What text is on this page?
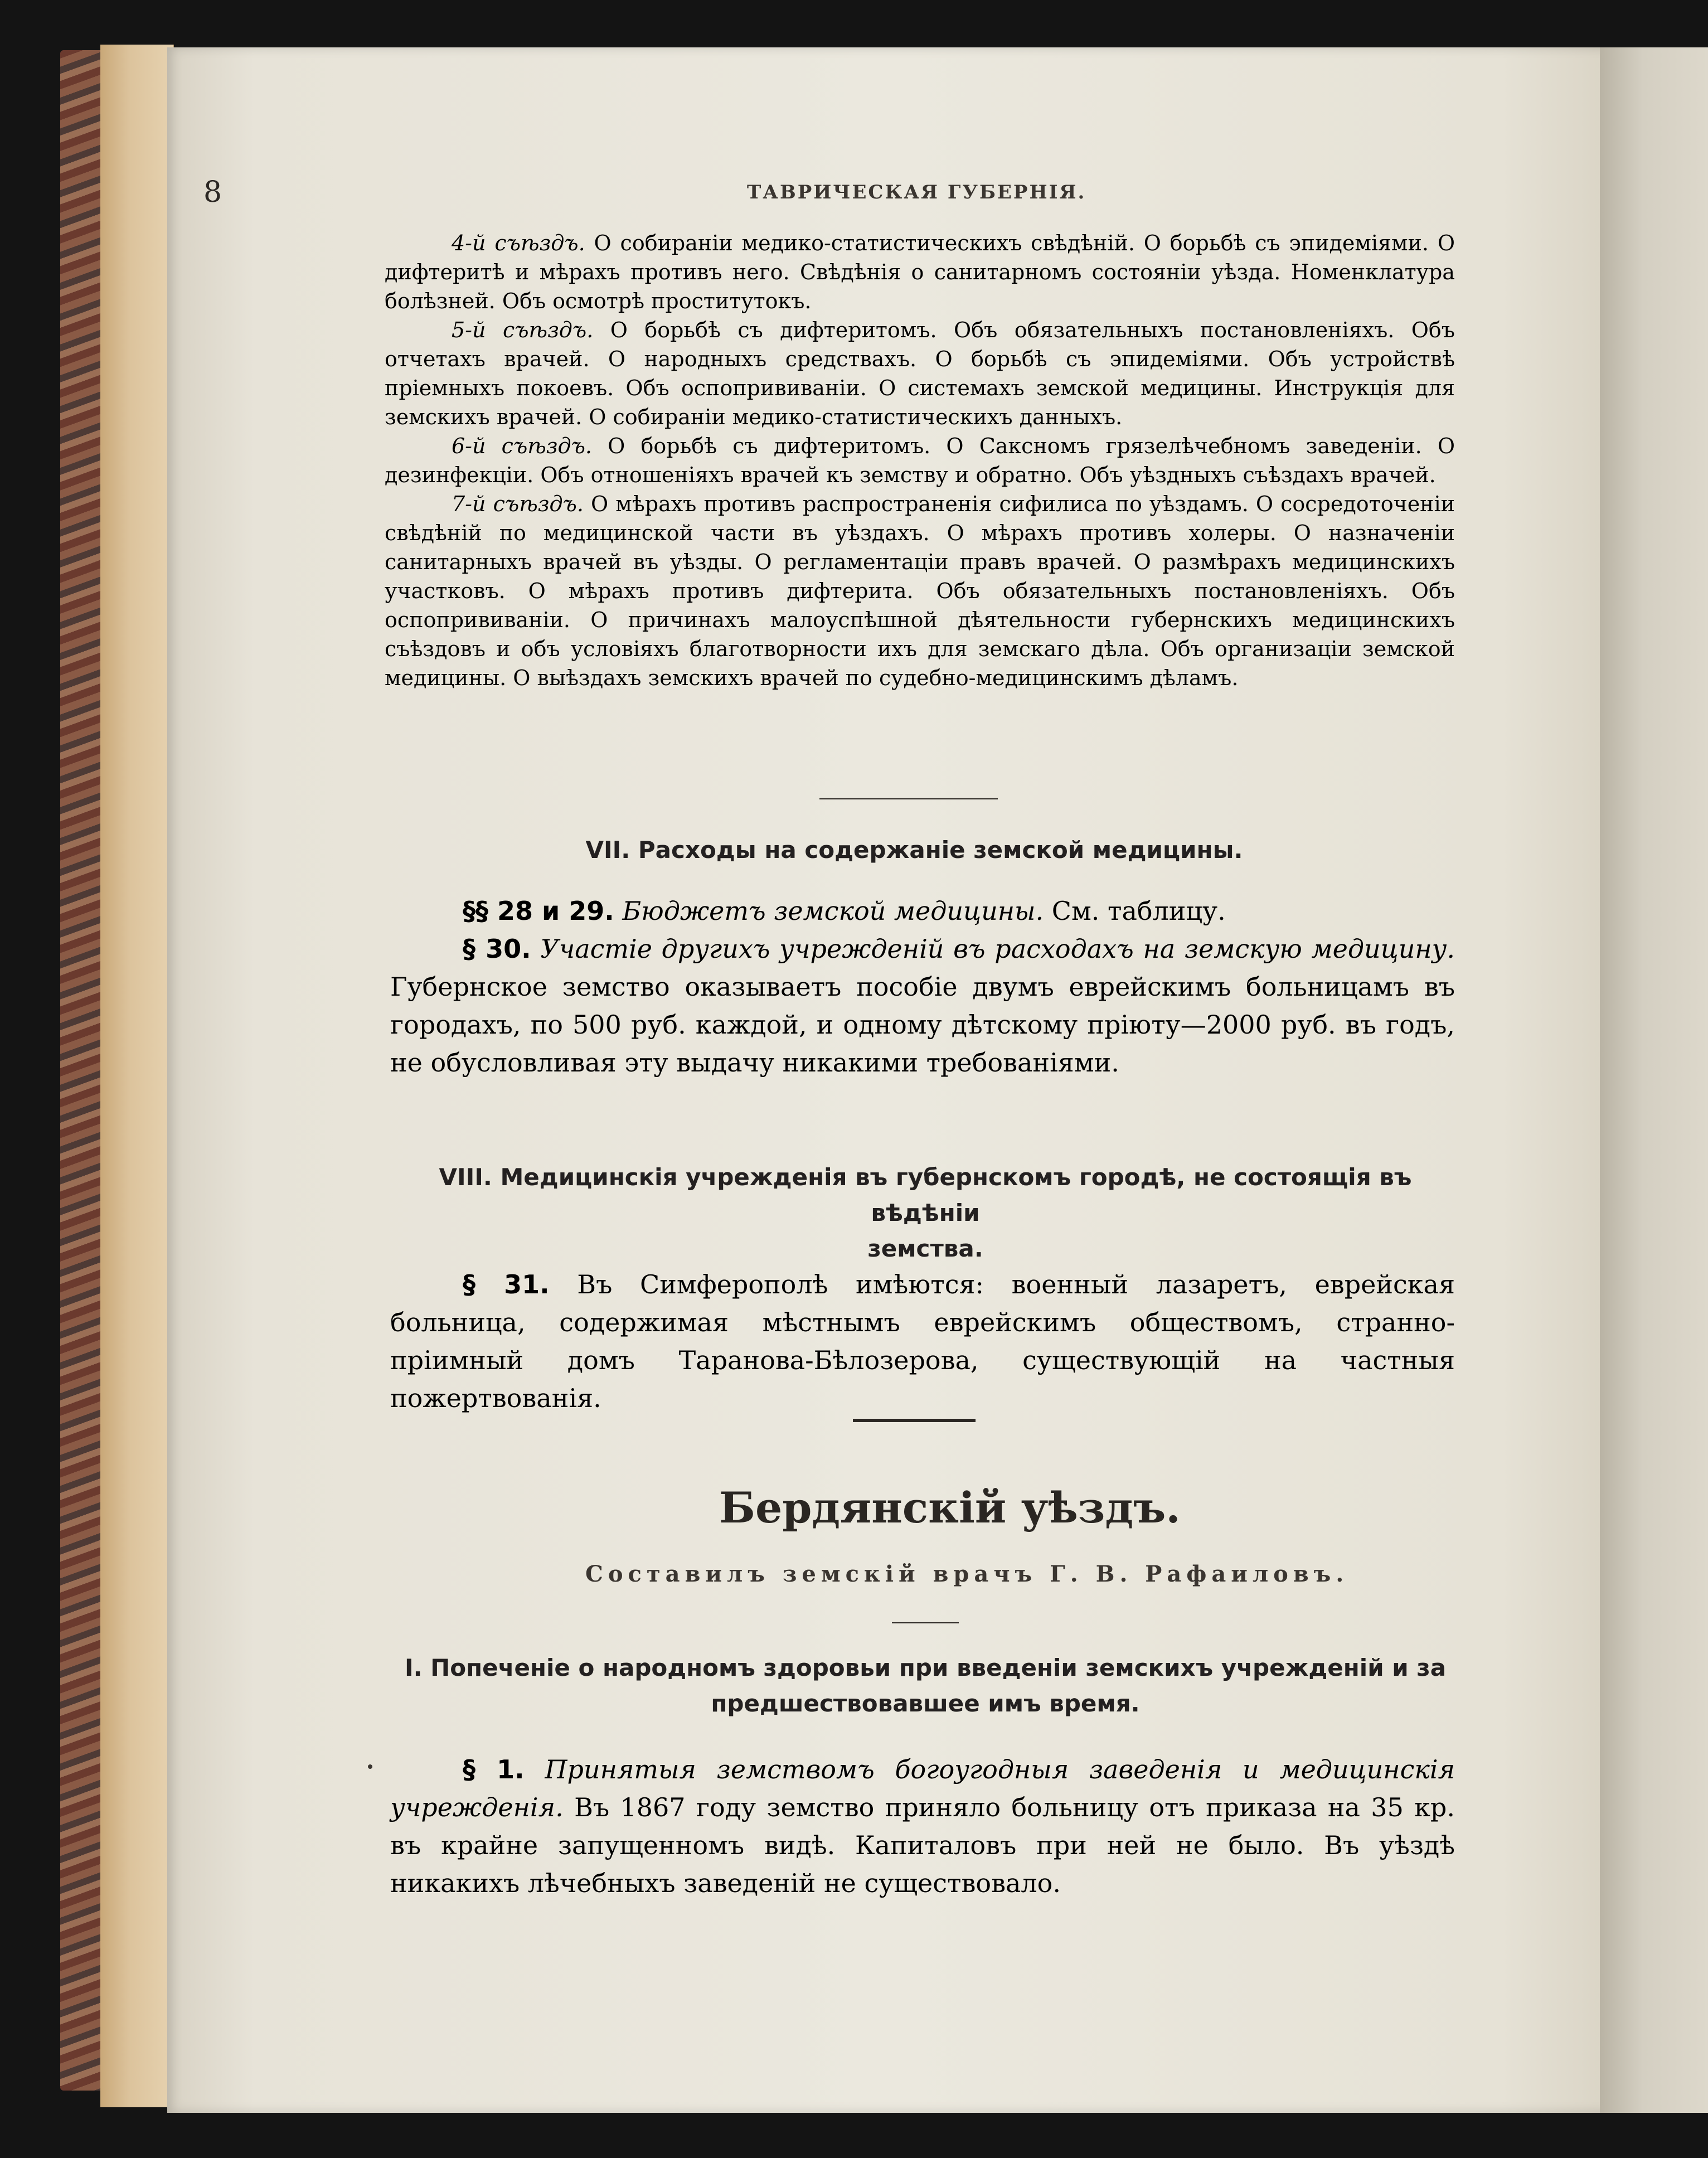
8	ТАВРИЧЕСКАЯ ГУБЕРНІЯ.

4-й съѣздъ. О собираніи медико-статистическихъ свѣдѣній. О борьбѣ съ эпидеміями. О дифтеритѣ и мѣрахъ противъ него. Свѣдѣнія о санитарномъ состояніи уѣзда. Номенклатура болѣзней. Объ осмотрѣ проститутокъ.

5-й съѣздъ. О борьбѣ съ дифтеритомъ. Объ обязательныхъ постановленіяхъ. Объ отчетахъ врачей. О народныхъ средствахъ. О борьбѣ съ эпидеміями. Объ устройствѣ пріемныхъ покоевъ. Объ оспопрививаніи. О системахъ земской медицины. Инструкція для земскихъ врачей. О собираніи медико-статистическихъ данныхъ.

6-й съѣздъ. О борьбѣ съ дифтеритомъ. О Саксномъ грязелѣчебномъ заведеніи. О дезинфекціи. Объ отношеніяхъ врачей къ земству и обратно. Объ уѣздныхъ съѣздахъ врачей.

7-й съѣздъ. О мѣрахъ противъ распространенія сифилиса по уѣздамъ. О сосредоточеніи свѣдѣній по медицинской части въ уѣздахъ. О мѣрахъ противъ холеры. О назначеніи санитарныхъ врачей въ уѣзды. О регламентаціи правъ врачей. О размѣрахъ медицинскихъ участковъ. О мѣрахъ противъ дифтерита. Объ обязательныхъ постановленіяхъ. Объ оспопрививаніи. О причинахъ малоуспѣшной дѣятельности губернскихъ медицинскихъ съѣздовъ и объ условіяхъ благотворности ихъ для земскаго дѣла. Объ организаціи земской медицины. О выѣздахъ земскихъ врачей по судебно-медицинскимъ дѣламъ.

VII. Расходы на содержаніе земской медицины.

§§ 28 и 29. Бюджетъ земской медицины. См. таблицу.

§ 30. Участіе другихъ учрежденій въ расходахъ на земскую медицину. Губернское земство оказываетъ пособіе двумъ еврейскимъ больницамъ въ городахъ, по 500 руб. каждой, и одному дѣтскому пріюту—2000 руб. въ годъ, не обусловливая эту выдачу никакими требованіями.

VIII. Медицинскія учрежденія въ губернскомъ городѣ, не состоящія въ вѣдѣніи
земства.

§ 31. Въ Симферополѣ имѣются: военный лазаретъ, еврейская больница, содержимая мѣстнымъ еврейскимъ обществомъ, странно-пріимный домъ Таранова-Бѣлозерова, существующій на частныя пожертвованія.

Бердянскій уѣздъ.
Составилъ земскій врачъ Г. В. Рафаиловъ.
I. Попеченіе о народномъ здоровьи при введеніи земскихъ учрежденій и за
предшествовавшее имъ время.

§ 1. Принятыя земствомъ богоугодныя заведенія и медицинскія учрежденія. Въ 1867 году земство приняло больницу отъ приказа на 35 кр. въ крайне запущенномъ видѣ. Капиталовъ при ней не было. Въ уѣздѣ никакихъ лѣчебныхъ заведеній не существовало.
